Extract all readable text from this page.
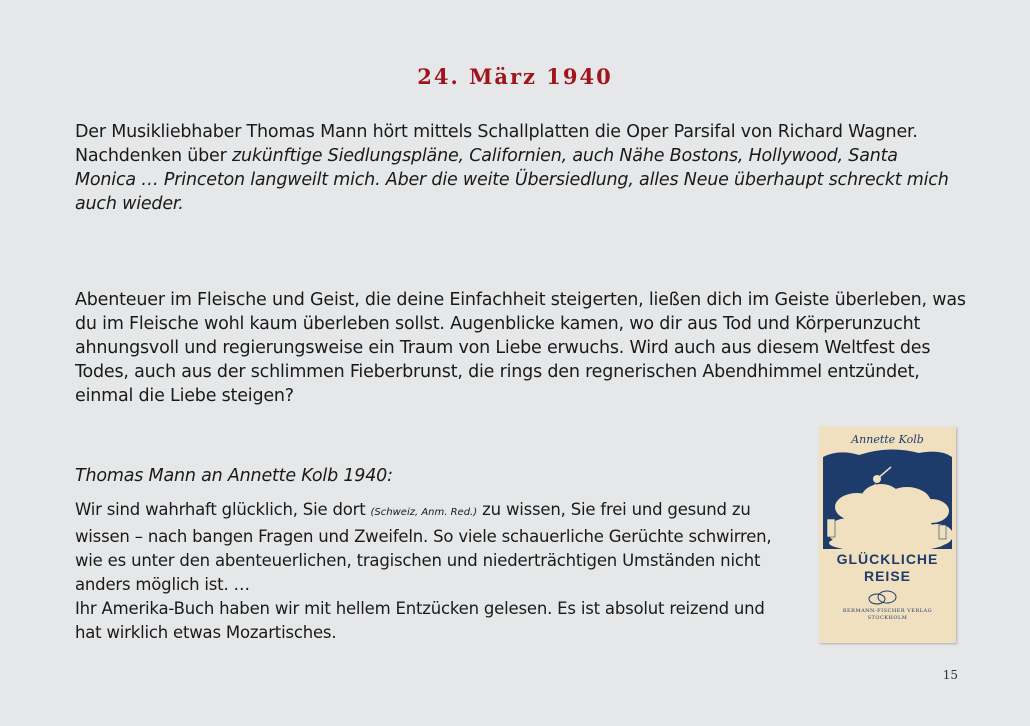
24. März 1940

Der Musikliebhaber Thomas Mann hört mittels Schallplatten die Oper Parsifal von Richard Wagner.

Nachdenken über zukünftige Siedlungspläne, Californien, auch Nähe Bostons, Hollywood, Santa Monica … Princeton langweilt mich. Aber die weite Übersiedlung, alles Neue überhaupt schreckt mich auch wieder.

Abenteuer im Fleische und Geist, die deine Einfachheit steigerten, ließen dich im Geiste überleben, was du im Fleische wohl kaum überleben sollst. Augenblicke kamen, wo dir aus Tod und Körperunzucht ahnungsvoll und regierungsweise ein Traum von Liebe erwuchs. Wird auch aus diesem Weltfest des Todes, auch aus der schlimmen Fieberbrunst, die rings den regnerischen Abendhimmel entzündet, einmal die Liebe steigen?

Thomas Mann an Annette Kolb 1940:

Wir sind wahrhaft glücklich, Sie dort (Schweiz, Anm. Red.) zu wissen, Sie frei und gesund zu wissen – nach bangen Fragen und Zweifeln. So viele schauerliche Gerüchte schwirren, wie es unter den abenteuerlichen, tragischen und niederträchtigen Umständen nicht anders möglich ist. …

Ihr Amerika-Buch haben wir mit hellem Entzücken gelesen. Es ist absolut reizend und hat wirklich etwas Mozartisches.

Annette Kolb
GLÜCKLICHE
REISE
BERMANN-FISCHER VERLAG
STOCKHOLM
15
